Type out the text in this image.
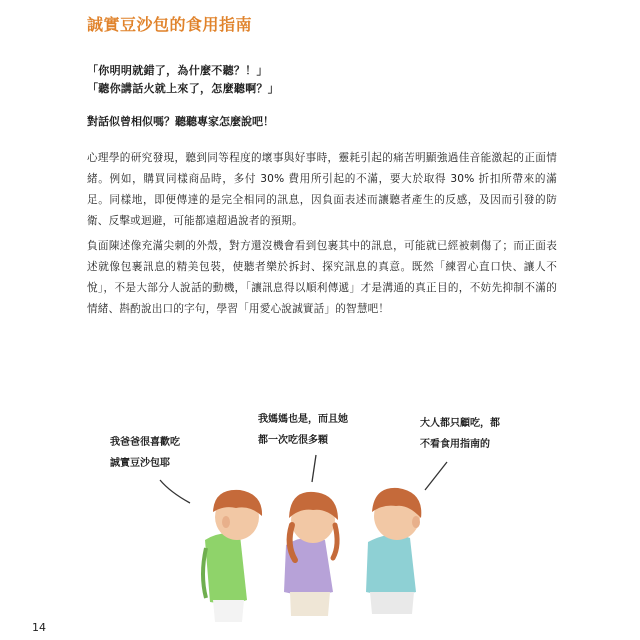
誠實豆沙包的食用指南
「你明明就錯了，為什麼不聽？！」
「聽你講話火就上來了，怎麼聽啊？」
對話似曾相似嗎？聽聽專家怎麼說吧！
心理學的研究發現，聽到同等程度的壞事與好事時，靈耗引起的痛苦明顯強過佳音能激起的正面情緒。例如，購買同樣商品時，多付 30% 費用所引起的不滿，要大於取得 30% 折扣所帶來的滿足。同樣地，即便傳達的是完全相同的訊息，因負面表述而讓聽者產生的反感，及因而引發的防衛、反擊或迴避，可能都遠超過說者的預期。
負面陳述像充滿尖刺的外殼，對方還沒機會看到包裹其中的訊息，可能就已經被刺傷了；而正面表述就像包裹訊息的精美包裝，使聽者樂於拆封、探究訊息的真意。既然「練習心直口快、讓人不悅」，不是大部分人說話的動機，「讓訊息得以順利傳遞」才是溝通的真正目的，不妨先抑制不滿的情緒、斟酌說出口的字句，學習「用愛心說誠實話」的智慧吧！
我爸爸很喜歡吃
誠實豆沙包耶
我媽媽也是，而且她
都一次吃很多顆
大人都只顧吃，都
不看食用指南的
14
